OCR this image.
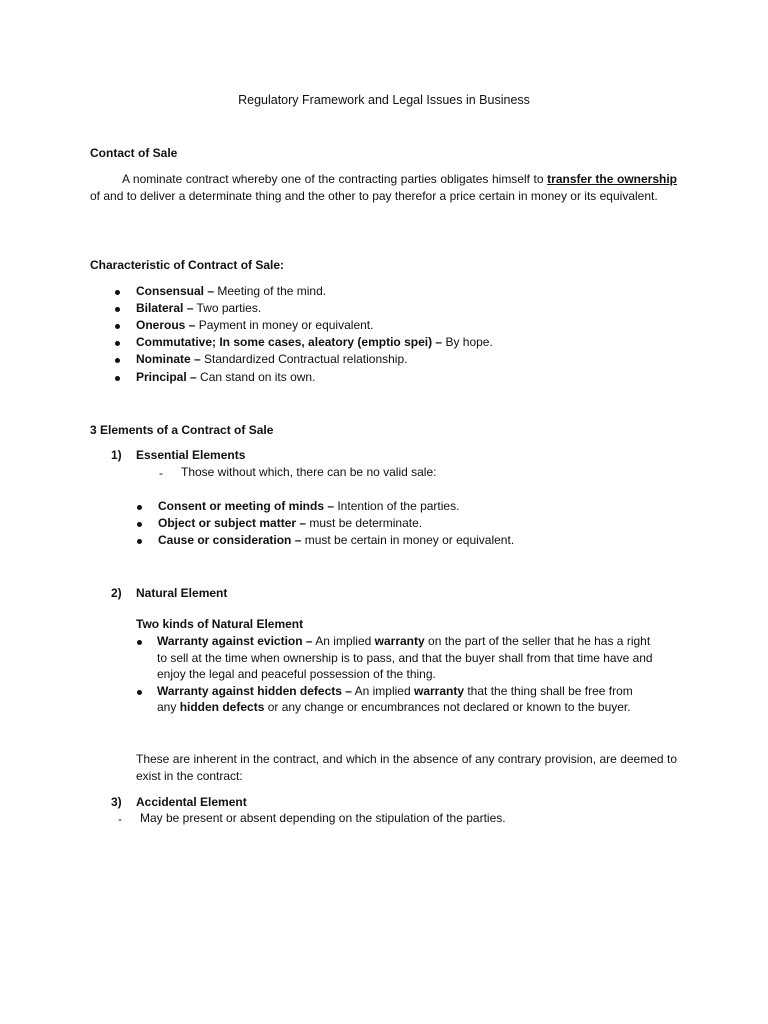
Regulatory Framework and Legal Issues in Business
Contact of Sale
A nominate contract whereby one of the contracting parties obligates himself to transfer the ownership of and to deliver a determinate thing and the other to pay therefor a price certain in money or its equivalent.
Characteristic of Contract of Sale:
Consensual – Meeting of the mind.
Bilateral – Two parties.
Onerous – Payment in money or equivalent.
Commutative; In some cases, aleatory (emptio spei) – By hope.
Nominate – Standardized Contractual relationship.
Principal – Can stand on its own.
3 Elements of a Contract of Sale
1) Essential Elements
- Those without which, there can be no valid sale:
Consent or meeting of minds – Intention of the parties.
Object or subject matter – must be determinate.
Cause or consideration – must be certain in money or equivalent.
2) Natural Element
Two kinds of Natural Element
Warranty against eviction – An implied warranty on the part of the seller that he has a right
to sell at the time when ownership is to pass, and that the buyer shall from that time have and
enjoy the legal and peaceful possession of the thing.
Warranty against hidden defects – An implied warranty that the thing shall be free from
any hidden defects or any change or encumbrances not declared or known to the buyer.
These are inherent in the contract, and which in the absence of any contrary provision, are deemed to exist in the contract:
3) Accidental Element
- May be present or absent depending on the stipulation of the parties.
